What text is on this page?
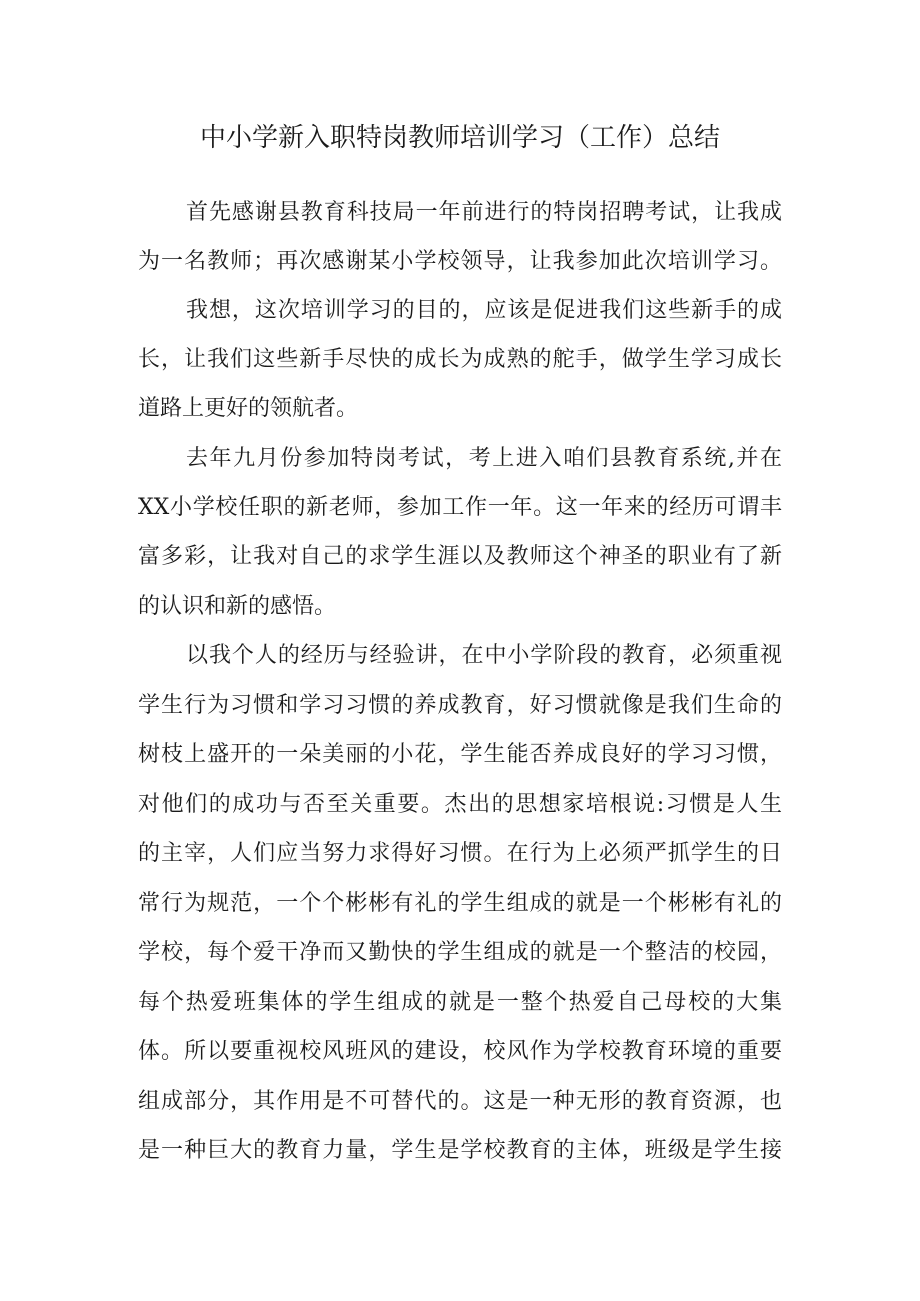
中小学新入职特岗教师培训学习（工作）总结
首先感谢县教育科技局一年前进行的特岗招聘考试，让我成
为一名教师；再次感谢某小学校领导，让我参加此次培训学习。
我想，这次培训学习的目的，应该是促进我们这些新手的成
长，让我们这些新手尽快的成长为成熟的舵手，做学生学习成长
道路上更好的领航者。
去年九月份参加特岗考试，考上进入咱们县教育系统,并在
XX小学校任职的新老师，参加工作一年。这一年来的经历可谓丰
富多彩，让我对自己的求学生涯以及教师这个神圣的职业有了新
的认识和新的感悟。
以我个人的经历与经验讲，在中小学阶段的教育，必须重视
学生行为习惯和学习习惯的养成教育，好习惯就像是我们生命的
树枝上盛开的一朵美丽的小花，学生能否养成良好的学习习惯，
对他们的成功与否至关重要。杰出的思想家培根说:习惯是人生
的主宰，人们应当努力求得好习惯。在行为上必须严抓学生的日
常行为规范，一个个彬彬有礼的学生组成的就是一个彬彬有礼的
学校，每个爱干净而又勤快的学生组成的就是一个整洁的校园，
每个热爱班集体的学生组成的就是一整个热爱自己母校的大集
体。所以要重视校风班风的建设，校风作为学校教育环境的重要
组成部分，其作用是不可替代的。这是一种无形的教育资源，也
是一种巨大的教育力量，学生是学校教育的主体，班级是学生接
